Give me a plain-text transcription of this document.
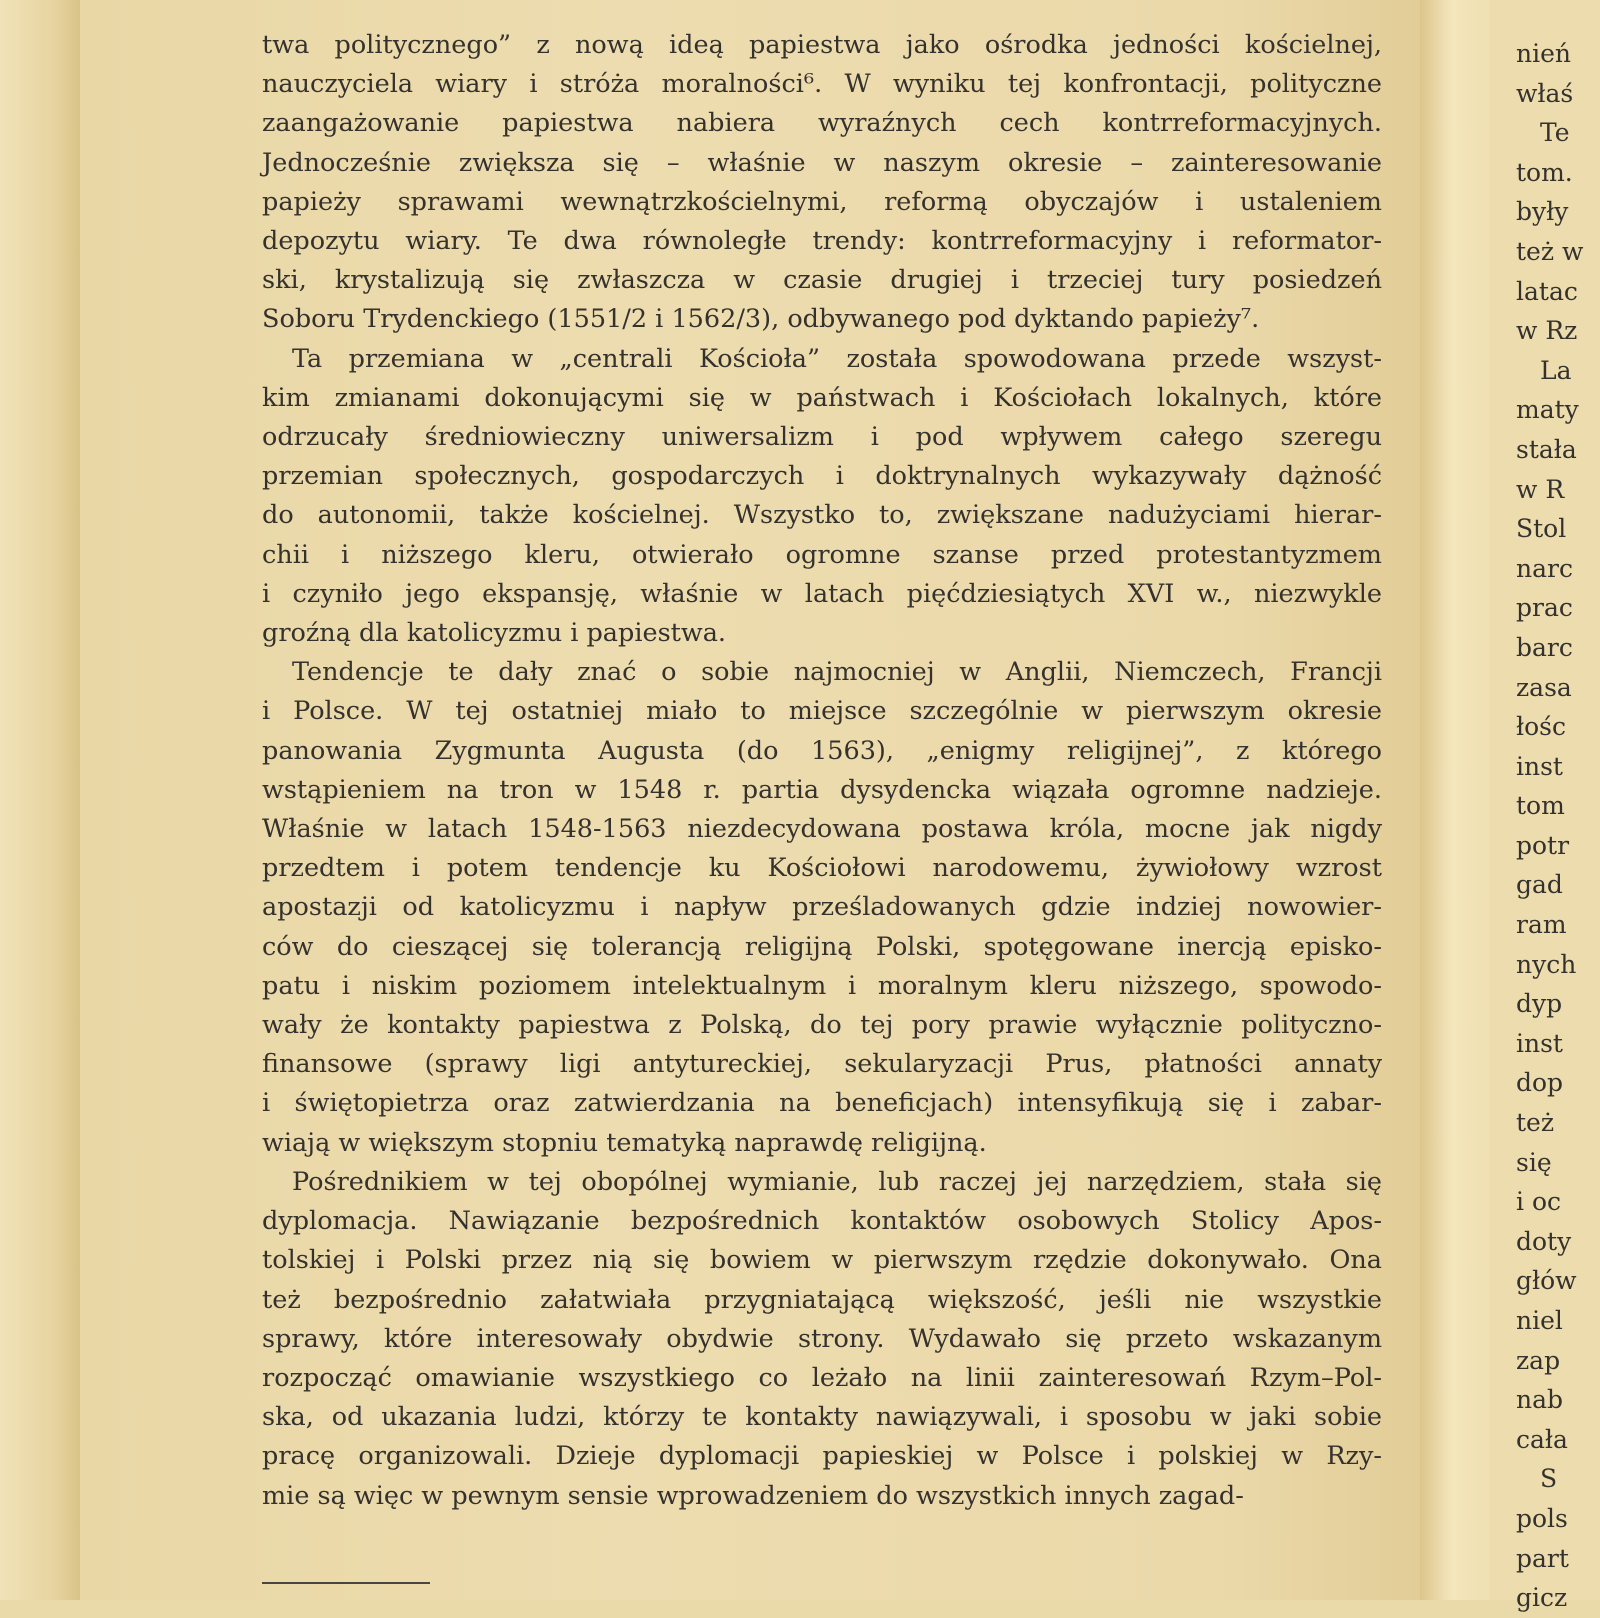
twa politycznego” z nową ideą papiestwa jako ośrodka jedności kościelnej,

nauczyciela wiary i stróża moralności⁶. W wyniku tej konfrontacji, polityczne

zaangażowanie papiestwa nabiera wyraźnych cech kontrreformacyjnych.

Jednocześnie zwiększa się – właśnie w naszym okresie – zainteresowanie

papieży sprawami wewnątrzkościelnymi, reformą obyczajów i ustaleniem

depozytu wiary. Te dwa równoległe trendy: kontrreformacyjny i reformator-

ski, krystalizują się zwłaszcza w czasie drugiej i trzeciej tury posiedzeń

Soboru Trydenckiego (1551/2 i 1562/3), odbywanego pod dyktando papieży⁷.

Ta przemiana w „centrali Kościoła” została spowodowana przede wszyst-

kim zmianami dokonującymi się w państwach i Kościołach lokalnych, które

odrzucały średniowieczny uniwersalizm i pod wpływem całego szeregu

przemian społecznych, gospodarczych i doktrynalnych wykazywały dążność

do autonomii, także kościelnej. Wszystko to, zwiększane nadużyciami hierar-

chii i niższego kleru, otwierało ogromne szanse przed protestantyzmem

i czyniło jego ekspansję, właśnie w latach pięćdziesiątych XVI w., niezwykle

groźną dla katolicyzmu i papiestwa.

Tendencje te dały znać o sobie najmocniej w Anglii, Niemczech, Francji

i Polsce. W tej ostatniej miało to miejsce szczególnie w pierwszym okresie

panowania Zygmunta Augusta (do 1563), „enigmy religijnej”, z którego

wstąpieniem na tron w 1548 r. partia dysydencka wiązała ogromne nadzieje.

Właśnie w latach 1548-1563 niezdecydowana postawa króla, mocne jak nigdy

przedtem i potem tendencje ku Kościołowi narodowemu, żywiołowy wzrost

apostazji od katolicyzmu i napływ prześladowanych gdzie indziej nowowier-

ców do cieszącej się tolerancją religijną Polski, spotęgowane inercją episko-

patu i niskim poziomem intelektualnym i moralnym kleru niższego, spowodo-

wały że kontakty papiestwa z Polską, do tej pory prawie wyłącznie polityczno-

finansowe (sprawy ligi antytureckiej, sekularyzacji Prus, płatności annaty

i świętopietrza oraz zatwierdzania na beneficjach) intensyfikują się i zabar-

wiają w większym stopniu tematyką naprawdę religijną.

Pośrednikiem w tej obopólnej wymianie, lub raczej jej narzędziem, stała się

dyplomacja. Nawiązanie bezpośrednich kontaktów osobowych Stolicy Apos-

tolskiej i Polski przez nią się bowiem w pierwszym rzędzie dokonywało. Ona

też bezpośrednio załatwiała przygniatającą większość, jeśli nie wszystkie

sprawy, które interesowały obydwie strony. Wydawało się przeto wskazanym

rozpocząć omawianie wszystkiego co leżało na linii zainteresowań Rzym–Pol-

ska, od ukazania ludzi, którzy te kontakty nawiązywali, i sposobu w jaki sobie

pracę organizowali. Dzieje dyplomacji papieskiej w Polsce i polskiej w Rzy-

mie są więc w pewnym sensie wprowadzeniem do wszystkich innych zagad-

nień
właś
Te
tom.
były
też w
latac
w Rz
La
maty
stała
w R
Stol
narc
prac
barc
zasa
łośc
inst
tom
potr
gad
ram
nych
dyp
inst
dop
też
się
i oc
doty
głów
niel
zap
nab
cała
S
pols
part
gicz
